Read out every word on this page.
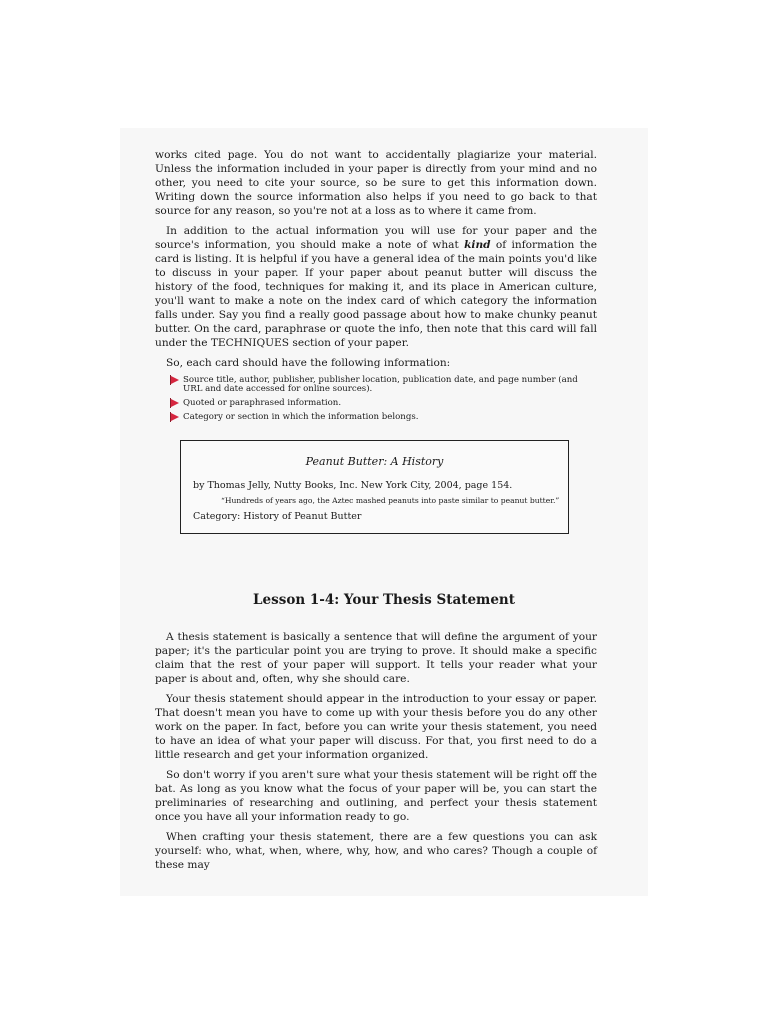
works cited page. You do not want to accidentally plagiarize your material. Unless the information included in your paper is directly from your mind and no other, you need to cite your source, so be sure to get this information down. Writing down the source information also helps if you need to go back to that source for any reason, so you're not at a loss as to where it came from.

In addition to the actual information you will use for your paper and the source's information, you should make a note of what kind of information the card is listing. It is helpful if you have a general idea of the main points you'd like to discuss in your paper. If your paper about peanut butter will discuss the history of the food, techniques for making it, and its place in American culture, you'll want to make a note on the index card of which category the information falls under. Say you find a really good passage about how to make chunky peanut butter. On the card, paraphrase or quote the info, then note that this card will fall under the TECHNIQUES section of your paper.

So, each card should have the following information:

Source title, author, publisher, publisher location, publication date, and page number (and URL and date accessed for online sources).
Quoted or paraphrased information.
Category or section in which the information belongs.
Peanut Butter: A History
by Thomas Jelly, Nutty Books, Inc. New York City, 2004, page 154.
“Hundreds of years ago, the Aztec mashed peanuts into paste similar to peanut butter.”
Category: History of Peanut Butter
Lesson 1-4: Your Thesis Statement

A thesis statement is basically a sentence that will define the argument of your paper; it's the particular point you are trying to prove. It should make a specific claim that the rest of your paper will support. It tells your reader what your paper is about and, often, why she should care.

Your thesis statement should appear in the introduction to your essay or paper. That doesn't mean you have to come up with your thesis before you do any other work on the paper. In fact, before you can write your thesis statement, you need to have an idea of what your paper will discuss. For that, you first need to do a little research and get your information organized.

So don't worry if you aren't sure what your thesis statement will be right off the bat. As long as you know what the focus of your paper will be, you can start the preliminaries of researching and outlining, and perfect your thesis statement once you have all your information ready to go.

When crafting your thesis statement, there are a few questions you can ask yourself: who, what, when, where, why, how, and who cares? Though a couple of these may
